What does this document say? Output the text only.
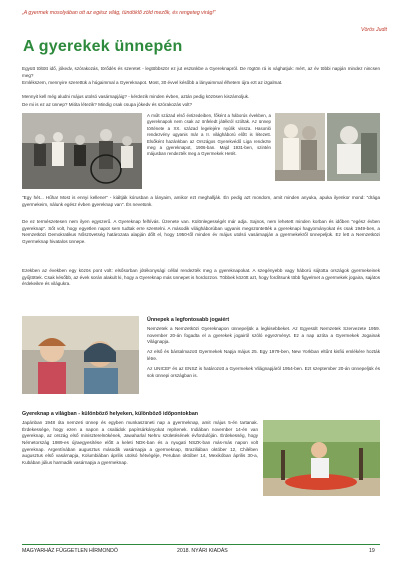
„A gyermek mosolyában ott az egész világ, tündöklő zöld mezők, és rengeteg virág!”
Vörös Judit
A gyerekek ünnepén
Együtt töltött idő, jókedv, szórakozás, törődés és szeretet - legtöbbször ez jut eszünkbe a Gyereknapról. De rögtön rá is vághatjuk: mért, az év többi napján mindez nincsen meg?
Emlékszem, mennyire szerettük a húgaimmal a Gyereknapot. Most, 30 évvel később a lányaimmal élhetem újra ezt az izgalmat.
Mennyit kell még aludni május utolsó vasárnapjáig? - kérdezik minden évben, aztán pedig közösen kiszámoljuk.
De mi is ez az ünnep? Mióta létezik? Mindig csak csupa jókedv és szórakozás volt?
A múlt század első évtizedeiben, főként a háborús években, a gyereknapok nem csak az önfeledt játékról szóltak. Az ünnep története a XX. század legelejére nyúlik vissza. Hasonló rendezvény ugyanis már a II. világháború előtt is létezett. Elsőként hazánkban az Országos Gyerekvédő Liga rendezte meg a gyereknapot, 1906-ban. Majd 1931-ben, szintén májusban rendezték meg a Gyermekek Hetét.
"Egy hét... Hűha! Most is ennyi kellene!" - kiáltják kórusban a lányaim, amikor ezt meghallják. Én pedig azt mondom, amit minden anyuka, apuka ilyenkor mond: "drága gyermekeim, nálunk egész évben gyereknap van". És nevetünk.
De ez természetesen nem ilyen egyszerű. A Gyereknap felhívás. Üzenete van. Különlegességét már adja. Sajnos, nem lehetett minden korban és időben "egész évben gyereknap". Sőt volt, hogy egyetlen napot sem tudtak erre szentelni. A második világháborúban ugyanis megszüntették a gyereknapi hagyományokat és csak 1949-ben, a Nemzetközi Demokratikus Nőszövetség határozata alapján dőlt el, hogy 1950-től minden év május utolsó vasárnapján a gyermekekről ünnepeljük. Ez lett a Nemzetközi Gyermeknap hivatalos ünnepe.
Ezekben az években egy közös pont volt: elsősorban jótékonysági céllal rendezték meg a gyereknapokat. A szegényebb vagy háború sújtotta országok gyermekeinek gyűjtöttek. Csak később, az évek során alakult ki, hogy a Gyereknap más ünnepet is hordozzon. Többek között azt, hogy fordítsunk több figyelmet a gyermekek jogaira, sajátos érdekeikre és világukra.
Ünnepek a legfontosabb jogaiért
Nemzetek a Nemzetközi Gyereknapon ünnepeljük a legkisebbeket. Az Egyesült Nemzetek Szervezete 1959. november 20-án fogadta el a gyerekek jogairól szóló egyezményt. Ez a nap azóta a Gyermekek Jogainak Világnapja.
Az első és bántalmazott Gyermekek Napja május 25. Egy 1979-ben, New Yorkban eltűnt kisfiú emlékére hozták létre.
Az UNICEF és az ENSZ is határozott a Gyermekek Világnapjáról 1954-ben. Ezt szeptember 20-án ünnepeljük és sok ünnepi országban is.
Gyereknap a világban - különböző helyeken, különböző időpontokban
Japánban 1948 óta nemzeti ünnep és egyben munkaszüneti nap a gyermeknap, amit május 5-én tartanak. Érdekessége, hogy ezen a napon a családok papírsárkányokat repítenek. Indiában november 14-én van gyereknap, az ország első miniszterelnökének, Jawaharlal Nehru születésének évfordulóján. Érdekesség, hogy Németország 1989-es újraegyesítése előtt a keleti NDK-ban és a nyugati NSZK-ban más-más napon volt gyereknap. Argentínában augusztus második vasárnapja a gyermeknap, Braziliában október 12, Chilében augusztus első vasárnapja, Kolumbiában április utolsó hétvégéje, Peruban október 14, Mexikóban április 30-a, Kubában július harmadik vasárnapja a gyermeknap.
MAGYARHÁZ FÜGGETLEN HÍRMONDÓ	2018. NYÁRI KIADÁS	19
